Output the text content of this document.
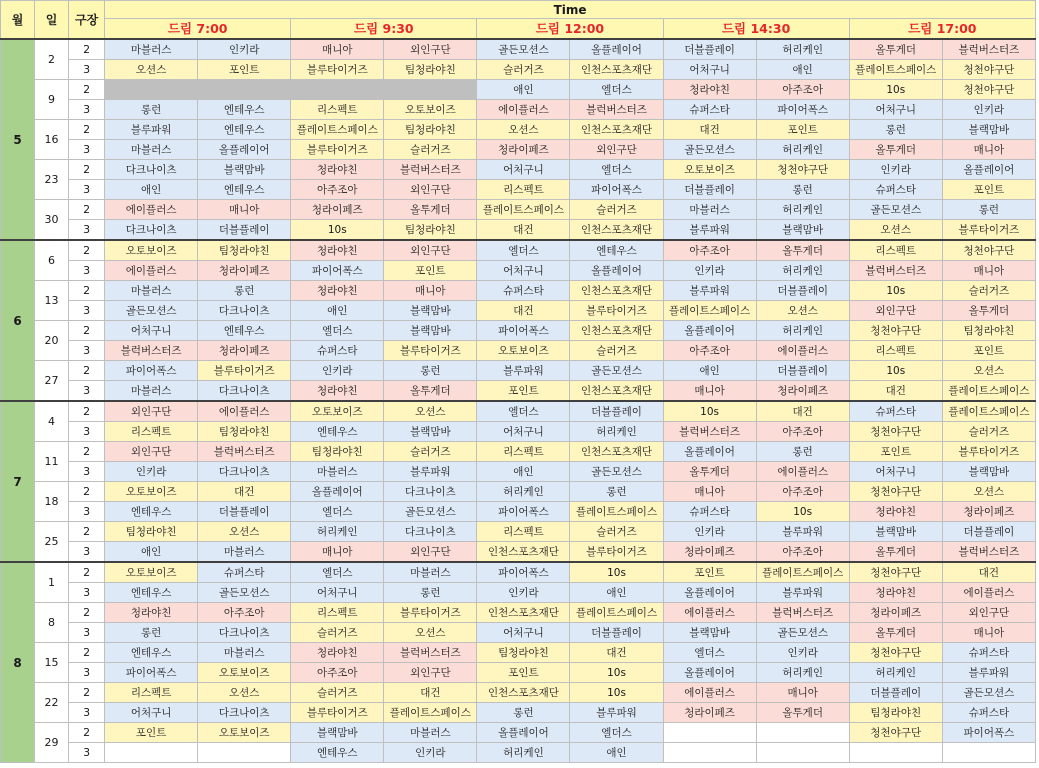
월	일	구장	Time									
			드림 7:00		드림 9:30		드림 12:00		드림 14:30		드림 17:00	
5	2	2	마블러스	인키라	매니아	외인구단	골든모션스	올플레이어	더블플레이	허리케인	올투게더	블럭버스터즈
		3	오션스	포인트	블루타이거즈	팀청라야친	슬러거즈	인천스포츠재단	어처구니	애인	플레이트스페이스	청천야구단
	9	2					애인	엘더스	청라야친	아주조아	10s	청천야구단
		3	롱런	엔테우스	리스펙트	오토보이즈	에이플러스	블럭버스터즈	슈퍼스타	파이어폭스	어처구니	인키라
	16	2	블루파워	엔테우스	플레이트스페이스	팀청라야친	오션스	인천스포츠재단	대건	포인트	롱런	블랙맘바
		3	마블러스	올플레이어	블루타이거즈	슬러거즈	청라이페즈	외인구단	골든모션스	허리케인	올투게더	매니아
	23	2	다크나이츠	블랙맘바	청라야친	블럭버스터즈	어처구니	엘더스	오토보이즈	청천야구단	인키라	올플레이어
		3	애인	엔테우스	아주조아	외인구단	리스펙트	파이어폭스	더블플레이	롱런	슈퍼스타	포인트
	30	2	에이플러스	매니아	청라이페즈	올투게더	플레이트스페이스	슬러거즈	마블러스	허리케인	골든모션스	롱런
		3	다크나이츠	더블플레이	10s	팀청라야친	대건	인천스포츠재단	블루파워	블랙맘바	오션스	블루타이거즈
6	6	2	오토보이즈	팀청라야친	청라야친	외인구단	엘더스	엔테우스	아주조아	올투게더	리스펙트	청천야구단
		3	에이플러스	청라이페즈	파이어폭스	포인트	어처구니	올플레이어	인키라	허리케인	블럭버스터즈	매니아
	13	2	마블러스	롱런	청라야친	매니아	슈퍼스타	인천스포츠재단	블루파워	더블플레이	10s	슬러거즈
		3	골든모션스	다크나이츠	애인	블랙맘바	대건	블루타이거즈	플레이트스페이스	오션스	외인구단	올투게더
	20	2	어처구니	엔테우스	엘더스	블랙맘바	파이어폭스	인천스포츠재단	올플레이어	허리케인	청천야구단	팀청라야친
		3	블럭버스터즈	청라이페즈	슈퍼스타	블루타이거즈	오토보이즈	슬러거즈	아주조아	에이플러스	리스펙트	포인트
	27	2	파이어폭스	블루타이거즈	인키라	롱런	블루파워	골든모션스	애인	더블플레이	10s	오션스
		3	마블러스	다크나이츠	청라야친	올투게더	포인트	인천스포츠재단	매니아	청라이페즈	대건	플레이트스페이스
7	4	2	외인구단	에이플러스	오토보이즈	오션스	엘더스	더블플레이	10s	대건	슈퍼스타	플레이트스페이스
		3	리스펙트	팀청라야친	엔테우스	블랙맘바	어처구니	허리케인	블럭버스터즈	아주조아	청천야구단	슬러거즈
	11	2	외인구단	블럭버스터즈	팀청라야친	슬러거즈	리스펙트	인천스포츠재단	올플레이어	롱런	포인트	블루타이거즈
		3	인키라	다크나이츠	마블러스	블루파워	애인	골든모션스	올투게더	에이플러스	어처구니	블랙맘바
	18	2	오토보이즈	대건	올플레이어	다크나이츠	허리케인	롱런	매니아	아주조아	청천야구단	오션스
		3	엔테우스	더블플레이	엘더스	골든모션스	파이어폭스	플레이트스페이스	슈퍼스타	10s	청라야친	청라이페즈
	25	2	팀청라야친	오션스	허리케인	다크나이츠	리스펙트	슬러거즈	인키라	블루파워	블랙맘바	더블플레이
		3	애인	마블러스	매니아	외인구단	인천스포츠재단	블루타이거즈	청라이페즈	아주조아	올투게더	블럭버스터즈
8	1	2	오토보이즈	슈퍼스타	엘더스	마블러스	파이어폭스	10s	포인트	플레이트스페이스	청천야구단	대건
		3	엔테우스	골든모션스	어처구니	롱런	인키라	애인	올플레이어	블루파워	청라야친	에이플러스
	8	2	청라야친	아주조아	리스펙트	블루타이거즈	인천스포츠재단	플레이트스페이스	에이플러스	블럭버스터즈	청라이페즈	외인구단
		3	롱런	다크나이츠	슬러거즈	오션스	어처구니	더블플레이	블랙맘바	골든모션스	올투게더	매니아
	15	2	엔테우스	마블러스	청라야친	블럭버스터즈	팀청라야친	대건	엘더스	인키라	청천야구단	슈퍼스타
		3	파이어폭스	오토보이즈	아주조아	외인구단	포인트	10s	올플레이어	허리케인	허리케인	블루파워
	22	2	리스펙트	오션스	슬러거즈	대건	인천스포츠재단	10s	에이플러스	매니아	더블플레이	골든모션스
		3	어처구니	다크나이츠	블루타이거즈	플레이트스페이스	롱런	블루파워	청라이페즈	올투게더	팀청라야친	슈퍼스타
	29	2	포인트	오토보이즈	블랙맘바	마블러스	올플레이어	엘더스			청천야구단	파이어폭스
		3			엔테우스	인키라	허리케인	애인				
